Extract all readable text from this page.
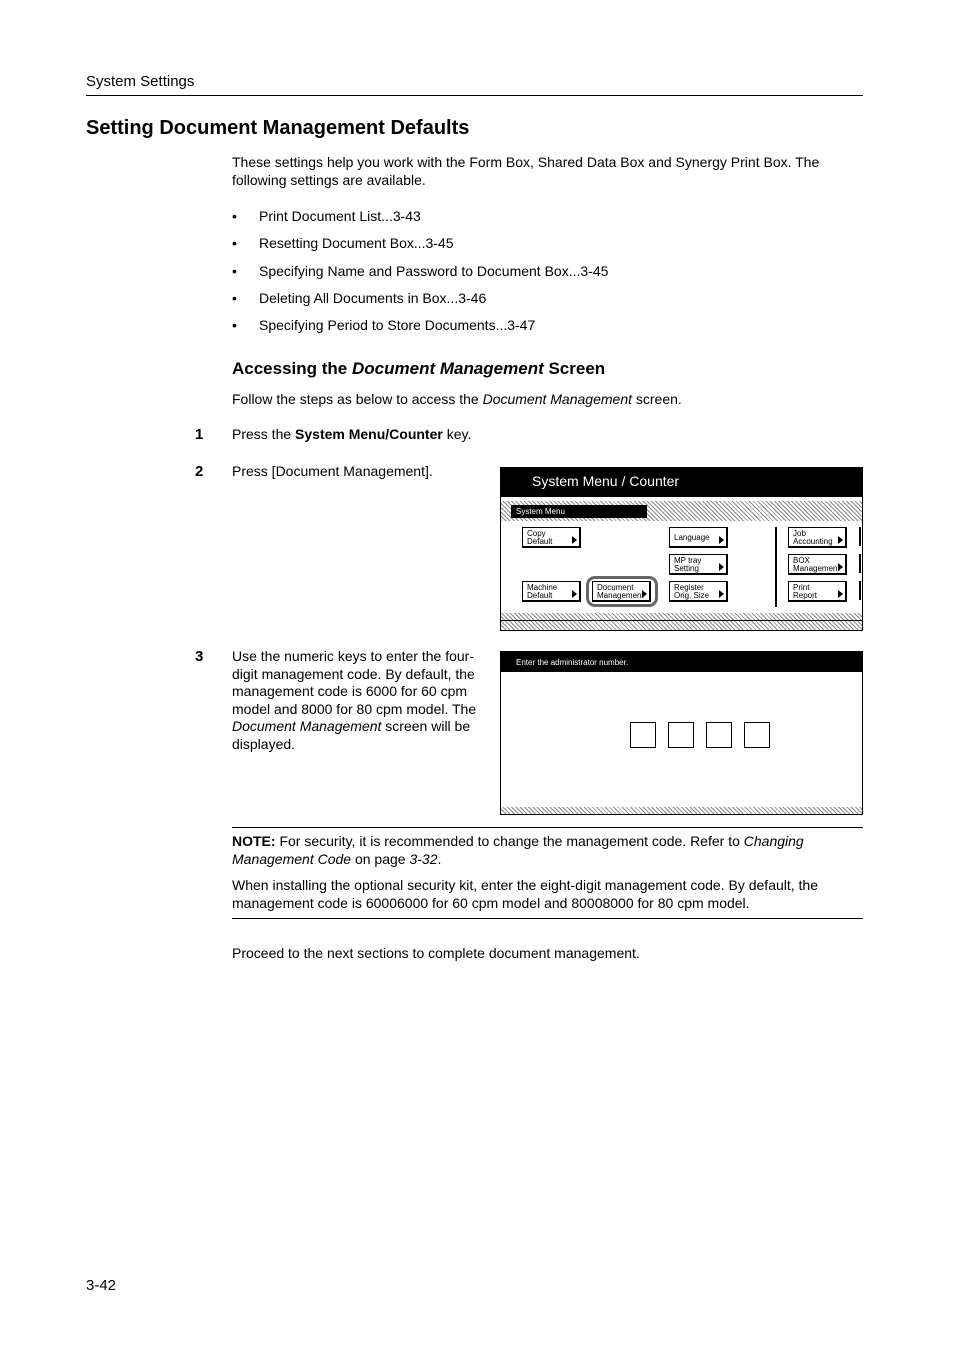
System Settings
Setting Document Management Defaults
These settings help you work with the Form Box, Shared Data Box and Synergy Print Box. The following settings are available.
•	Print Document List...3-43
•	Resetting Document Box...3-45
•	Specifying Name and Password to Document Box...3-45
•	Deleting All Documents in Box...3-46
•	Specifying Period to Store Documents...3-47
Accessing the Document Management Screen
Follow the steps as below to access the Document Management screen.
1 Press the System Menu/Counter key.
2 Press [Document Management].
System Menu / Counter
System Menu
Copy
Default	Language	Job
Accounting
MP tray
Setting
BOX
Management
Machine
Default
Document
Management
Register
Orig. Size
Print
Report
3 Use the numeric keys to enter the four-digit management code. By default, the management code is 6000 for 60 cpm model and 8000 for 80 cpm model. The Document Management screen will be displayed.
Enter the administrator number.
NOTE: For security, it is recommended to change the management code. Refer to Changing Management Code on page 3-32.
When installing the optional security kit, enter the eight-digit management code. By default, the management code is 60006000 for 60 cpm model and 80008000 for 80 cpm model.
Proceed to the next sections to complete document management.
3-42
